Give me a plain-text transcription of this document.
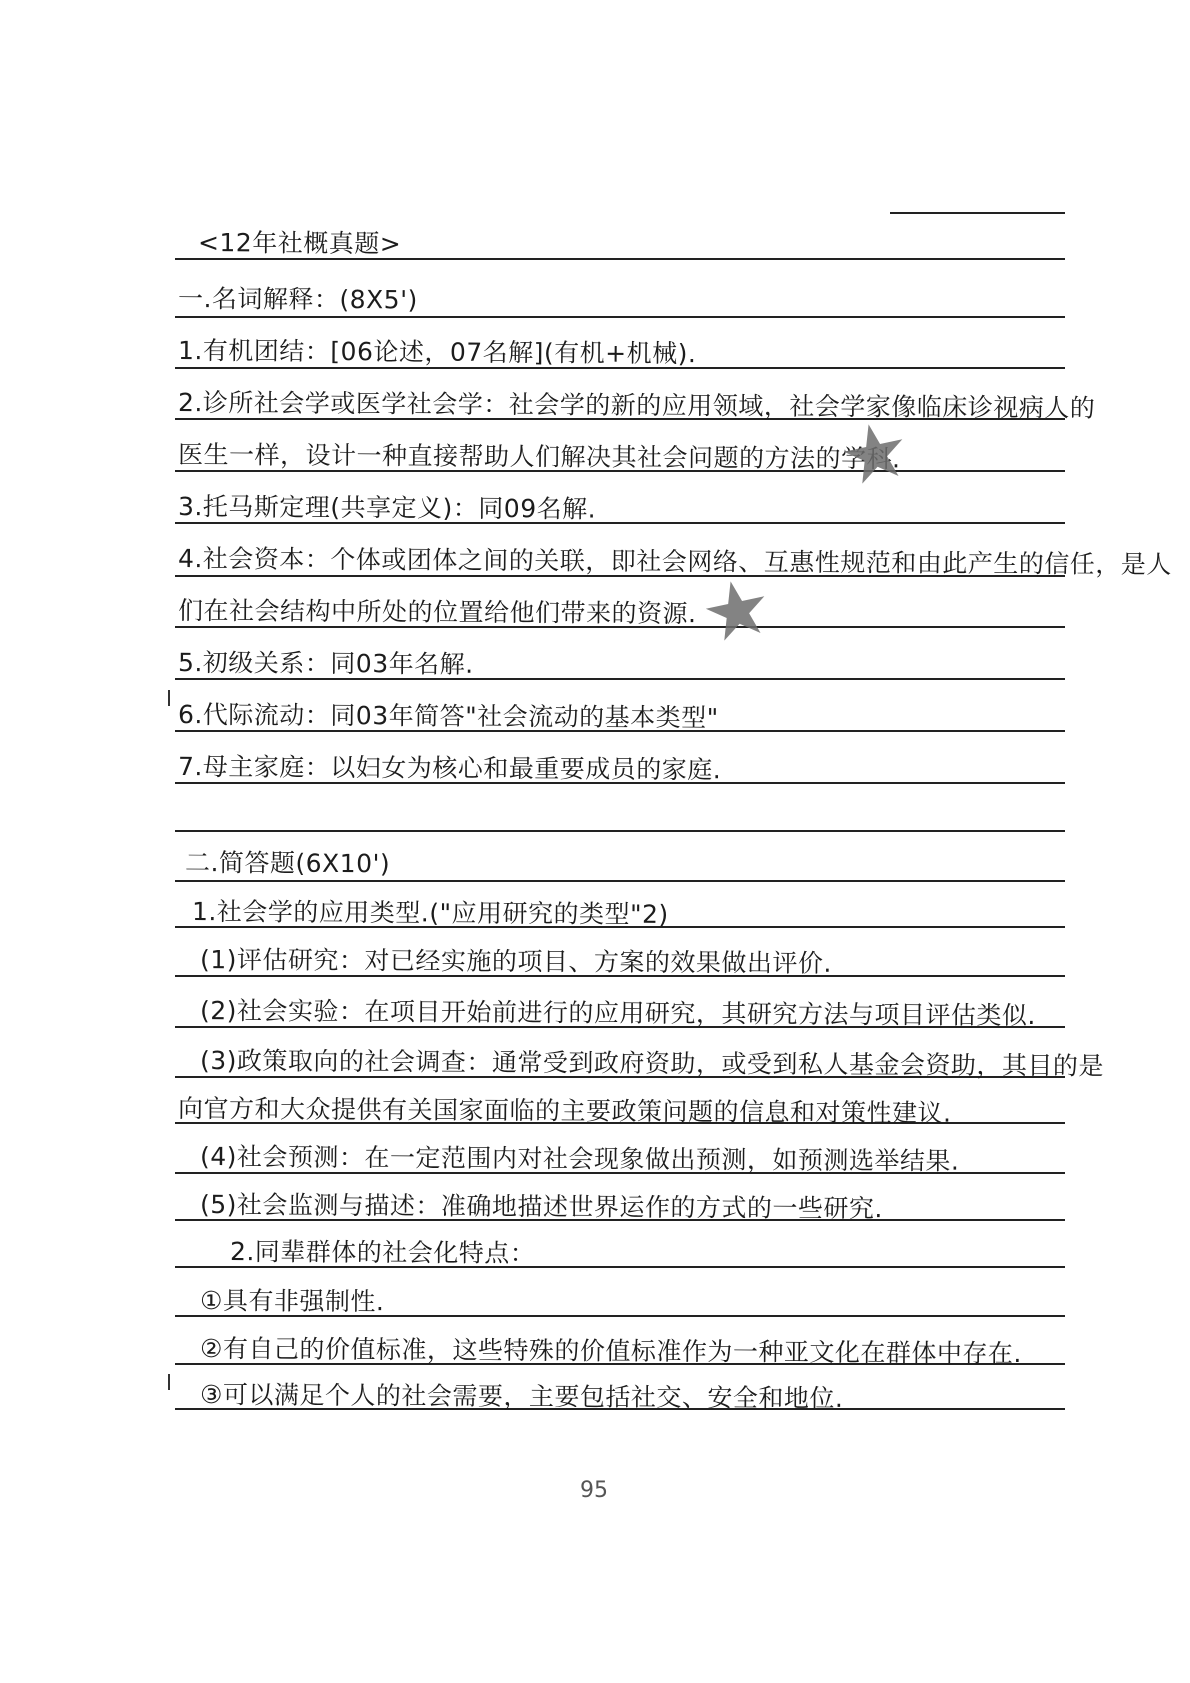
<12年社概真题>
一.名词解释：(8X5')
1.有机团结：[06论述，07名解](有机+机械).
2.诊所社会学或医学社会学：社会学的新的应用领域，社会学家像临床诊视病人的
医生一样，设计一种直接帮助人们解决其社会问题的方法的学科.
3.托马斯定理(共享定义)：同09名解.
4.社会资本：个体或团体之间的关联，即社会网络、互惠性规范和由此产生的信任，是人
们在社会结构中所处的位置给他们带来的资源.
5.初级关系：同03年名解.
6.代际流动：同03年简答"社会流动的基本类型"
7.母主家庭：以妇女为核心和最重要成员的家庭.
二.简答题(6X10')
1.社会学的应用类型.("应用研究的类型"2)
(1)评估研究：对已经实施的项目、方案的效果做出评价.
(2)社会实验：在项目开始前进行的应用研究，其研究方法与项目评估类似.
(3)政策取向的社会调查：通常受到政府资助，或受到私人基金会资助，其目的是
向官方和大众提供有关国家面临的主要政策问题的信息和对策性建议.
(4)社会预测：在一定范围内对社会现象做出预测，如预测选举结果.
(5)社会监测与描述：准确地描述世界运作的方式的一些研究.
2.同辈群体的社会化特点：
①具有非强制性.
②有自己的价值标准，这些特殊的价值标准作为一种亚文化在群体中存在.
③可以满足个人的社会需要，主要包括社交、安全和地位.
★
★
95
